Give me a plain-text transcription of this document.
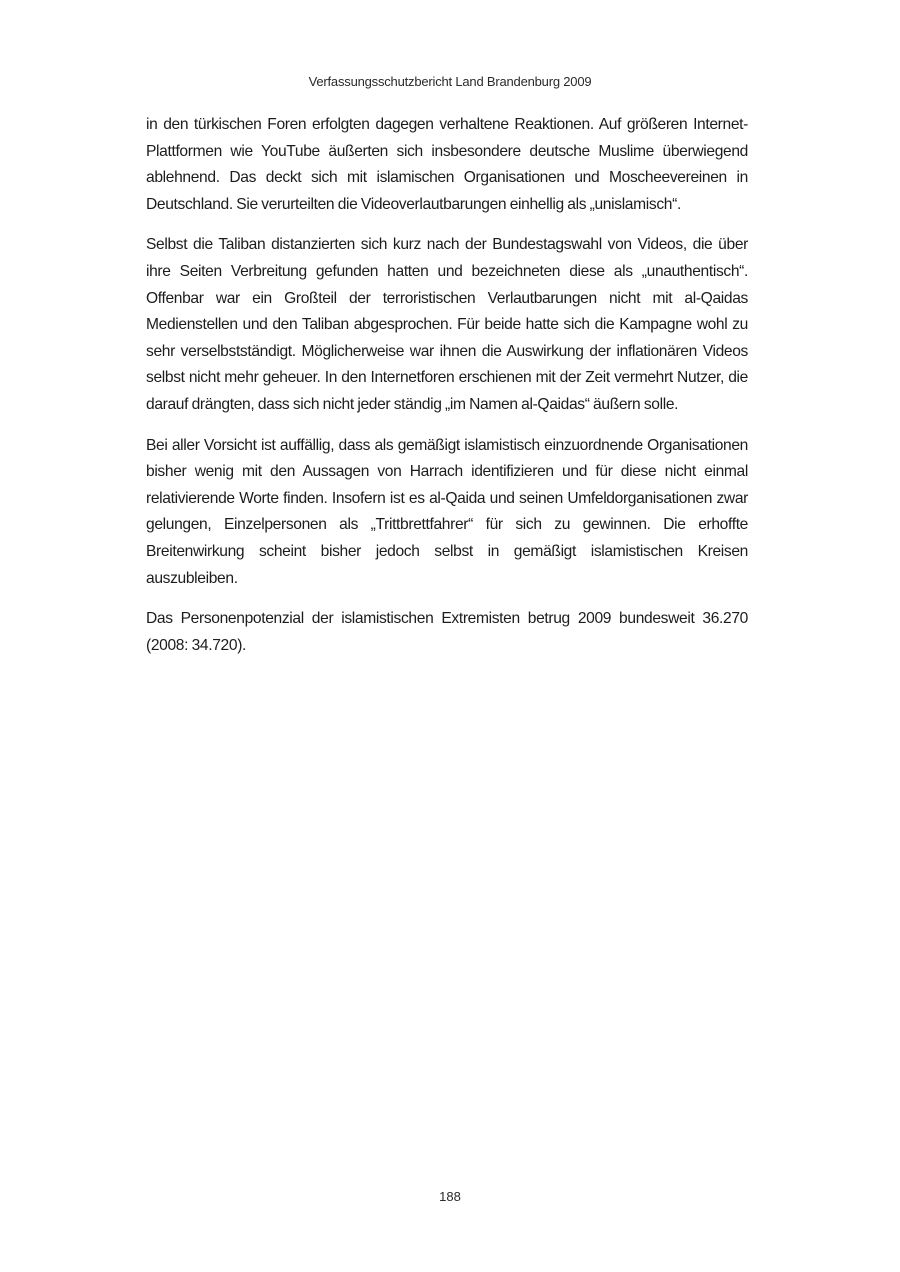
Verfassungsschutzbericht Land Brandenburg 2009

in den türkischen Foren erfolgten dagegen verhaltene Reaktionen. Auf größeren Internet-Plattformen wie YouTube äußerten sich insbesondere deutsche Muslime überwiegend ablehnend. Das deckt sich mit islamischen Organisationen und Moscheevereinen in Deutschland. Sie verurteilten die Videoverlautbarungen einhellig als „unislamisch“.

Selbst die Taliban distanzierten sich kurz nach der Bundestagswahl von Videos, die über ihre Seiten Verbreitung gefunden hatten und bezeichneten diese als „unauthentisch“. Offenbar war ein Großteil der terroristischen Verlautbarungen nicht mit al-Qaidas Medienstellen und den Taliban abgesprochen. Für beide hatte sich die Kampagne wohl zu sehr verselbstständigt. Möglicherweise war ihnen die Auswirkung der inflationären Videos selbst nicht mehr geheuer. In den Internetforen erschienen mit der Zeit vermehrt Nutzer, die darauf drängten, dass sich nicht jeder ständig „im Namen al-Qaidas“ äußern solle.

Bei aller Vorsicht ist auffällig, dass als gemäßigt islamistisch einzuordnende Organisationen bisher wenig mit den Aussagen von Harrach identifizieren und für diese nicht einmal relativierende Worte finden. Insofern ist es al-Qaida und seinen Umfeldorganisationen zwar gelungen, Einzelpersonen als „Trittbrettfahrer“ für sich zu gewinnen. Die erhoffte Breitenwirkung scheint bisher jedoch selbst in gemäßigt islamistischen Kreisen auszubleiben.

Das Personenpotenzial der islamistischen Extremisten betrug 2009 bundesweit 36.270 (2008: 34.720).

188
